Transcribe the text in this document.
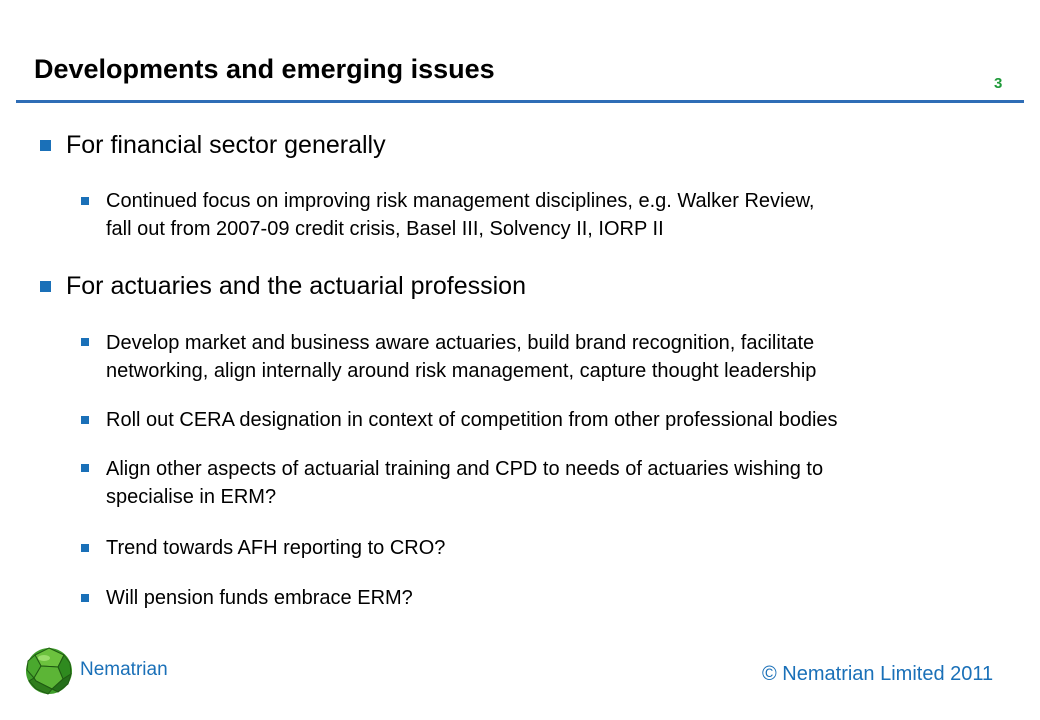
Developments and emerging issues	3
For financial sector generally
Continued focus on improving risk management disciplines, e.g. Walker Review,
fall out from 2007-09 credit crisis, Basel III, Solvency II, IORP II
For actuaries and the actuarial profession
Develop market and business aware actuaries, build brand recognition, facilitate
networking, align internally around risk management, capture thought leadership
Roll out CERA designation in context of competition from other professional bodies
Align other aspects of actuarial training and CPD to needs of actuaries wishing to
specialise in ERM?
Trend towards AFH reporting to CRO?
Will pension funds embrace ERM?
Nematrian	© Nematrian Limited 2011
